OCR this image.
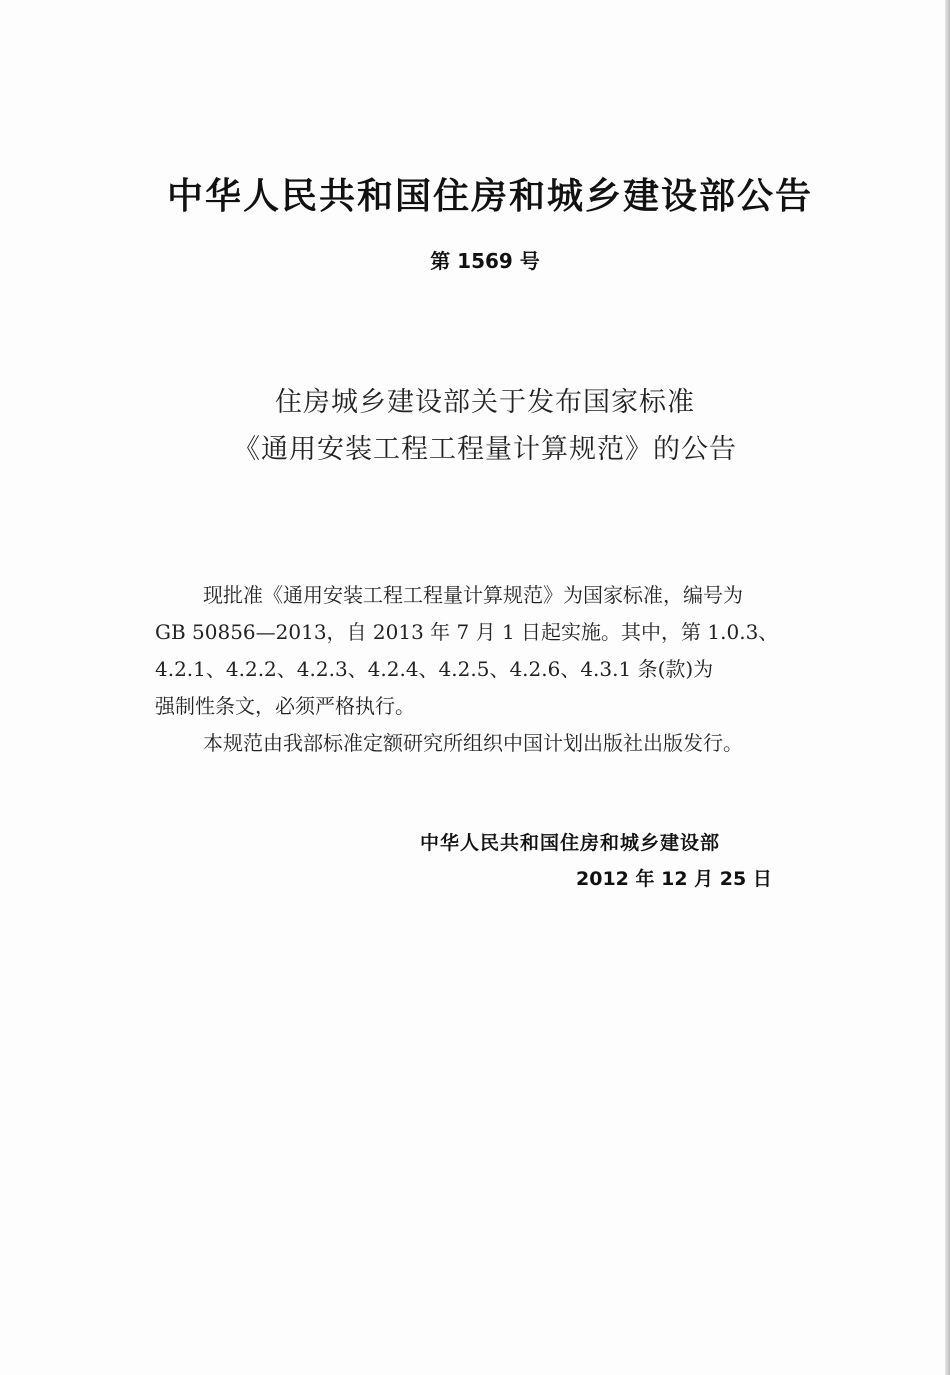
中华人民共和国住房和城乡建设部公告
第 1569 号
住房城乡建设部关于发布国家标准
《通用安装工程工程量计算规范》的公告
现批准《通用安装工程工程量计算规范》为国家标准，编号为
GB 50856—2013，自 2013 年 7 月 1 日起实施。其中，第 1.0.3、
4.2.1、4.2.2、4.2.3、4.2.4、4.2.5、4.2.6、4.3.1 条(款)为
强制性条文，必须严格执行。
本规范由我部标准定额研究所组织中国计划出版社出版发行。
中华人民共和国住房和城乡建设部
2012 年 12 月 25 日
